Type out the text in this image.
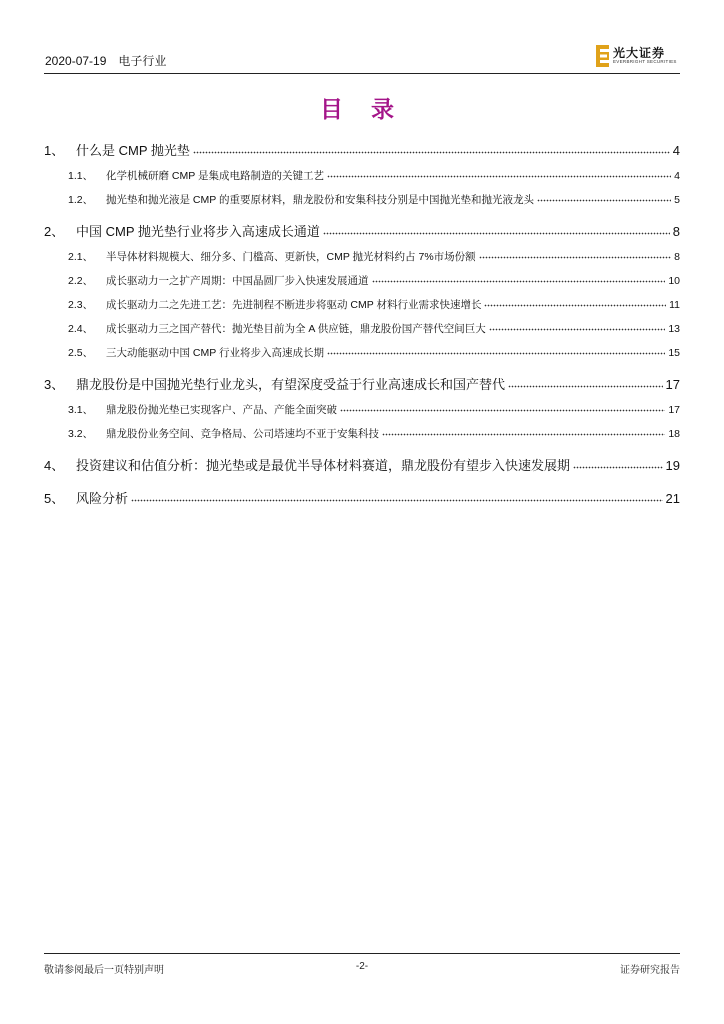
2020-07-19 电子行业
光大证券
EVERBRIGHT SECURITIES
目 录
1、 什么是 CMP 抛光垫	4
1.1、	化学机械研磨 CMP 是集成电路制造的关键工艺	4
1.2、	抛光垫和抛光液是 CMP 的重要原材料，鼎龙股份和安集科技分别是中国抛光垫和抛光液龙头	5
2、 中国 CMP 抛光垫行业将步入高速成长通道	8
2.1、	半导体材料规模大、细分多、门槛高、更新快，CMP 抛光材料约占 7%市场份额	8
2.2、	成长驱动力一之扩产周期：中国晶圆厂步入快速发展通道	10
2.3、	成长驱动力二之先进工艺：先进制程不断进步将驱动 CMP 材料行业需求快速增长	11
2.4、	成长驱动力三之国产替代：抛光垫目前为全 A 供应链，鼎龙股份国产替代空间巨大	13
2.5、	三大动能驱动中国 CMP 行业将步入高速成长期	15
3、 鼎龙股份是中国抛光垫行业龙头，有望深度受益于行业高速成长和国产替代	17
3.1、	鼎龙股份抛光垫已实现客户、产品、产能全面突破	17
3.2、	鼎龙股份业务空间、竞争格局、公司塔速均不亚于安集科技	18
4、 投资建议和估值分析：抛光垫或是最优半导体材料赛道，鼎龙股份有望步入快速发展期	19
5、 风险分析	21
敬请参阅最后一页特别声明	-2-	证券研究报告
